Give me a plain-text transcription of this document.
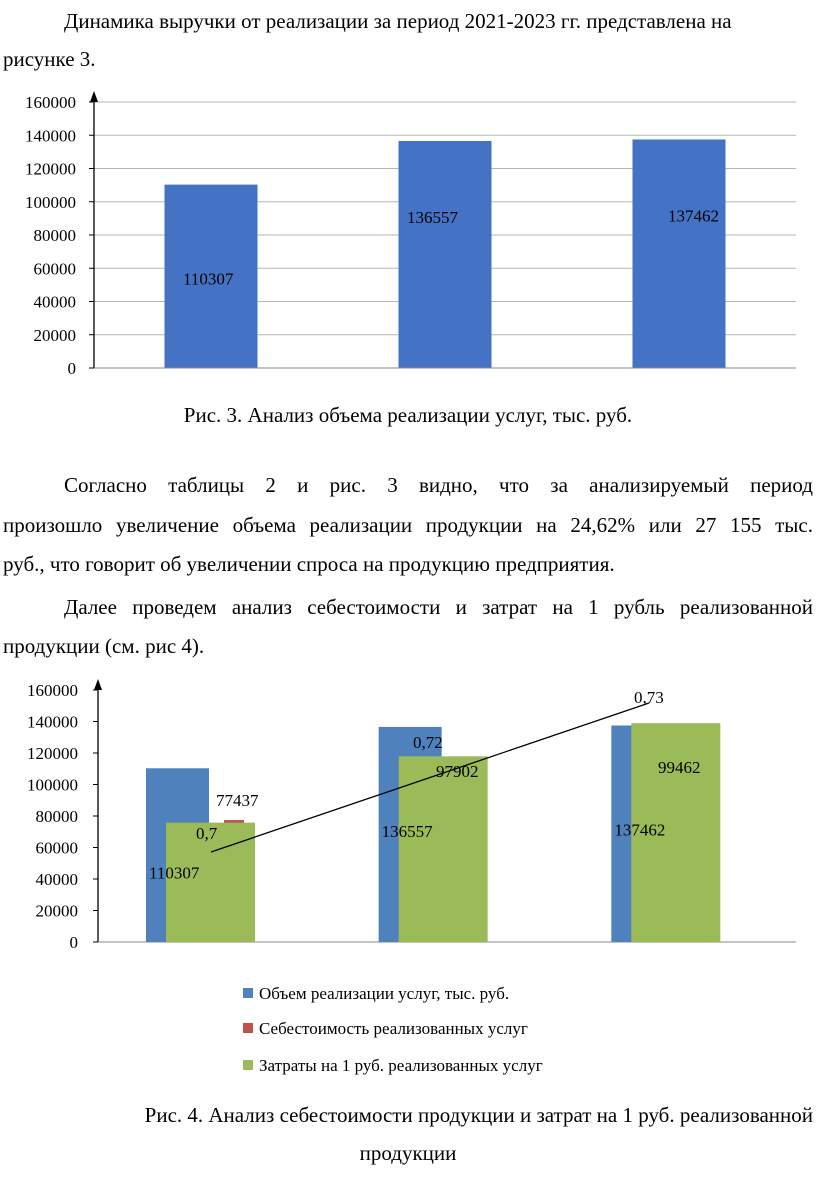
Динамика выручки от реализации за период 2021-2023 гг. представлена на
рисунке 3.
0
20000
40000
60000
80000
100000
120000
140000
160000
110307
136557	137462
Рис. 3. Анализ объема реализации услуг, тыс. руб.
Согласно таблицы 2 и рис. 3 видно, что за анализируемый период
произошло увеличение объема реализации продукции на 24,62% или 27 155 тыс.
руб., что говорит об увеличении спроса на продукцию предприятия.
Далее проведем анализ себестоимости и затрат на 1 рубль реализованной
продукции (см. рис 4).
0
20000
40000
60000
80000
100000
120000
140000
160000
110307
136557	137462
77437
97902	99462
0,7
0,72
0,73
Объем реализации услуг, тыс. руб.
Себестоимость реализованных услуг
Затраты на 1 руб. реализованных услуг
Рис. 4. Анализ себестоимости продукции и затрат на 1 руб. реализованной
продукции
